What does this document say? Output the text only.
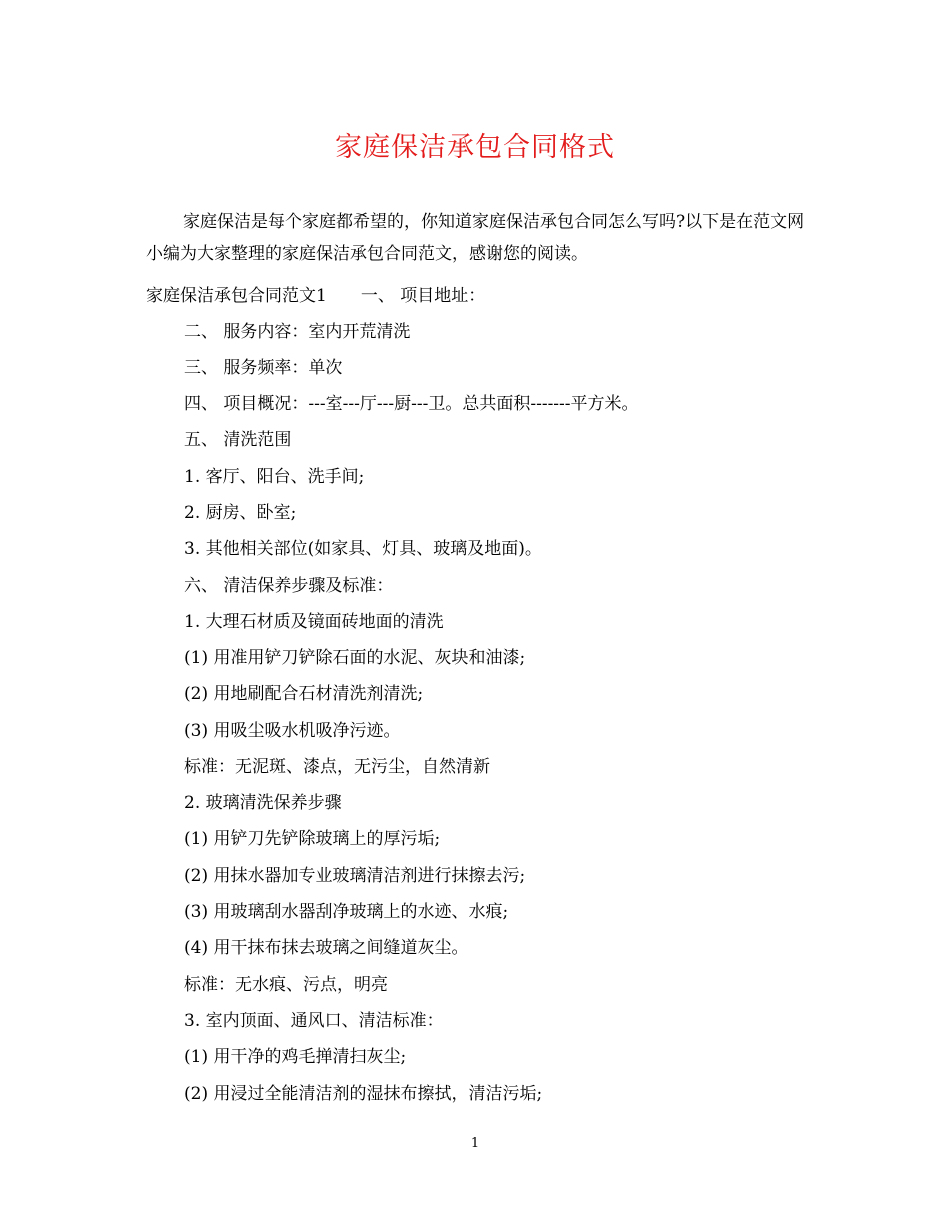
家庭保洁承包合同格式

家庭保洁是每个家庭都希望的，你知道家庭保洁承包合同怎么写吗?以下是在范文网小编为大家整理的家庭保洁承包合同范文，感谢您的阅读。

家庭保洁承包合同范文1　　一、 项目地址：

二、 服务内容：室内开荒清洗

三、 服务频率：单次

四、 项目概况：---室---厅---厨---卫。总共面积-------平方米。

五、 清洗范围

1. 客厅、阳台、洗手间;

2. 厨房、卧室;

3. 其他相关部位(如家具、灯具、玻璃及地面)。

六、 清洁保养步骤及标准：

1. 大理石材质及镜面砖地面的清洗

(1) 用准用铲刀铲除石面的水泥、灰块和油漆;

(2) 用地刷配合石材清洗剂清洗;

(3) 用吸尘吸水机吸净污迹。

标准：无泥斑、漆点，无污尘，自然清新

2. 玻璃清洗保养步骤

(1) 用铲刀先铲除玻璃上的厚污垢;

(2) 用抹水器加专业玻璃清洁剂进行抹擦去污;

(3) 用玻璃刮水器刮净玻璃上的水迹、水痕;

(4) 用干抹布抹去玻璃之间缝道灰尘。

标准：无水痕、污点，明亮

3. 室内顶面、通风口、清洁标准：

(1) 用干净的鸡毛掸清扫灰尘;

(2) 用浸过全能清洁剂的湿抹布擦拭，清洁污垢;

1
